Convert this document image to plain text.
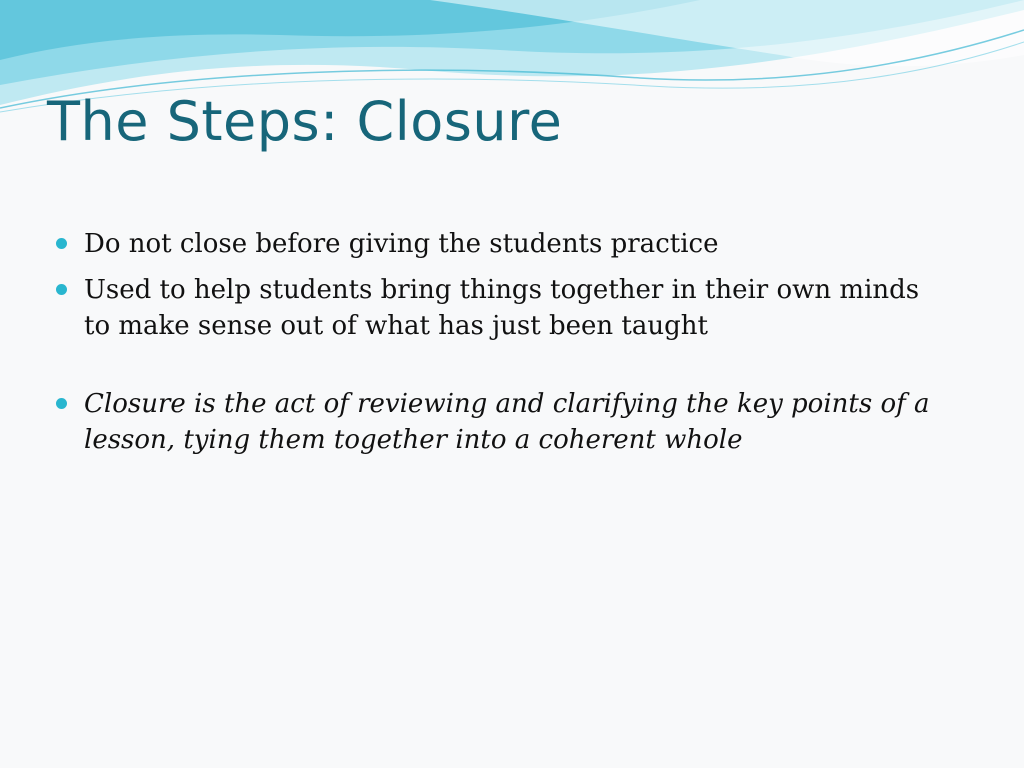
The Steps: Closure
Do not close before giving the students practice
Used to help students bring things together in their own minds to make sense out of what has just been taught
Closure is the act of reviewing and clarifying the key points of a lesson, tying them together into a coherent whole
